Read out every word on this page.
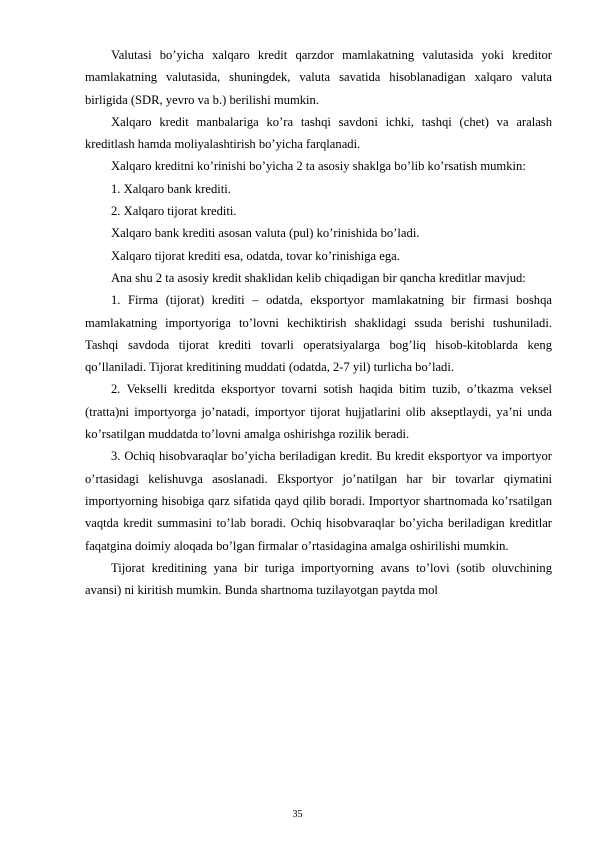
Valutasi bo’yicha xalqaro kredit qarzdor mamlakatning valutasida yoki kreditor mamlakatning valutasida, shuningdek, valuta savatida hisoblanadigan xalqaro valuta birligida (SDR, yevro va b.) berilishi mumkin.

Xalqaro kredit manbalariga ko’ra tashqi savdoni ichki, tashqi (chet) va aralash kreditlash hamda moliyalashtirish bo’yicha farqlanadi.

Xalqaro kreditni ko’rinishi bo’yicha 2 ta asosiy shaklga bo’lib ko’rsatish mumkin:

1. Xalqaro bank krediti.

2. Xalqaro tijorat krediti.

Xalqaro bank krediti asosan valuta (pul) ko’rinishida bo’ladi.

Xalqaro tijorat krediti esa, odatda, tovar ko’rinishiga ega.

Ana shu 2 ta asosiy kredit shaklidan kelib chiqadigan bir qancha kreditlar mavjud:

1. Firma (tijorat) krediti – odatda, eksportyor mamlakatning bir firmasi boshqa mamlakatning importyoriga to’lovni kechiktirish shaklidagi ssuda berishi tushuniladi. Tashqi savdoda tijorat krediti tovarli operatsiyalarga bog’liq hisob-kitoblarda keng qo’llaniladi. Tijorat kreditining muddati (odatda, 2-7 yil) turlicha bo’ladi.

2. Vekselli kreditda eksportyor tovarni sotish haqida bitim tuzib, o’tkazma veksel (tratta)ni importyorga jo’natadi, importyor tijorat hujjatlarini olib akseptlaydi, ya’ni unda ko’rsatilgan muddatda to’lovni amalga oshirishga rozilik beradi.

3. Ochiq hisobvaraqlar bo’yicha beriladigan kredit. Bu kredit eksportyor va importyor o’rtasidagi kelishuvga asoslanadi. Eksportyor jo’natilgan har bir tovarlar qiymatini importyorning hisobiga qarz sifatida qayd qilib boradi. Importyor shartnomada ko’rsatilgan vaqtda kredit summasini to’lab boradi. Ochiq hisobvaraqlar bo’yicha beriladigan kreditlar faqatgina doimiy aloqada bo’lgan firmalar o’rtasidagina amalga oshirilishi mumkin.

Tijorat kreditining yana bir turiga importyorning avans to’lovi (sotib oluvchining avansi) ni kiritish mumkin. Bunda shartnoma tuzilayotgan paytda mol

35
